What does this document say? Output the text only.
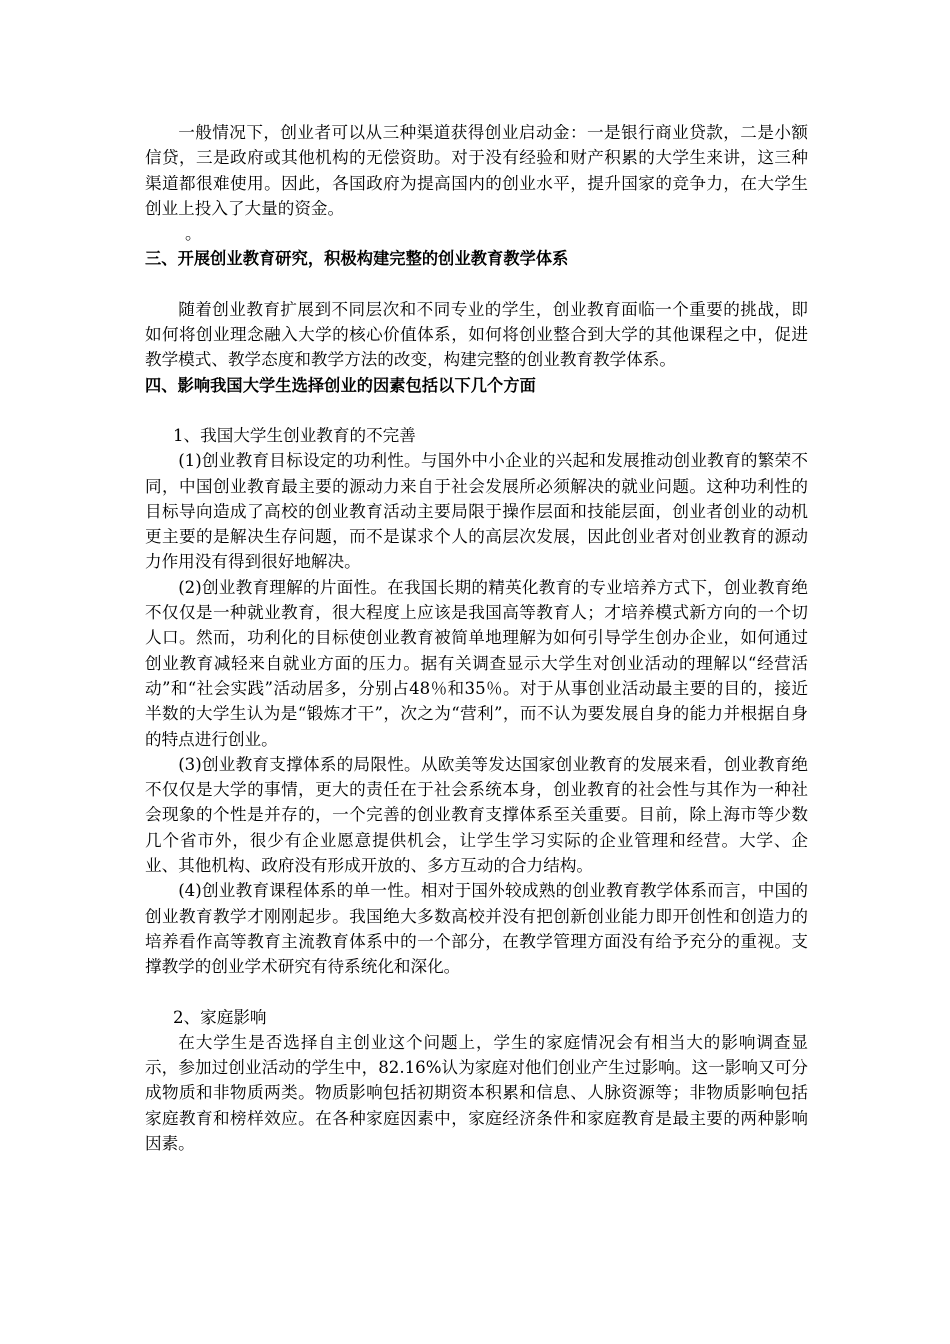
一般情况下，创业者可以从三种渠道获得创业启动金：一是银行商业贷款，二是小额信贷，三是政府或其他机构的无偿资助。对于没有经验和财产积累的大学生来讲，这三种渠道都很难使用。因此，各国政府为提高国内的创业水平，提升国家的竞争力，在大学生创业上投入了大量的资金。

。

三、开展创业教育研究，积极构建完整的创业教育教学体系

随着创业教育扩展到不同层次和不同专业的学生，创业教育面临一个重要的挑战，即如何将创业理念融入大学的核心价值体系，如何将创业整合到大学的其他课程之中，促进教学模式、教学态度和教学方法的改变，构建完整的创业教育教学体系。

四、影响我国大学生选择创业的因素包括以下几个方面

1、我国大学生创业教育的不完善

(1)创业教育目标设定的功利性。与国外中小企业的兴起和发展推动创业教育的繁荣不同，中国创业教育最主要的源动力来自于社会发展所必须解决的就业问题。这种功利性的目标导向造成了高校的创业教育活动主要局限于操作层面和技能层面，创业者创业的动机更主要的是解决生存问题，而不是谋求个人的高层次发展，因此创业者对创业教育的源动力作用没有得到很好地解决。

(2)创业教育理解的片面性。在我国长期的精英化教育的专业培养方式下，创业教育绝不仅仅是一种就业教育，很大程度上应该是我国高等教育人；才培养模式新方向的一个切人口。然而，功利化的目标使创业教育被简单地理解为如何引导学生创办企业，如何通过创业教育减轻来自就业方面的压力。据有关调查显示大学生对创业活动的理解以“经营活动”和“社会实践”活动居多，分别占48％和35％。对于从事创业活动最主要的目的，接近半数的大学生认为是“锻炼才干”，次之为“营利”，而不认为要发展自身的能力并根据自身的特点进行创业。

(3)创业教育支撑体系的局限性。从欧美等发达国家创业教育的发展来看，创业教育绝不仅仅是大学的事情，更大的责任在于社会系统本身，创业教育的社会性与其作为一种社会现象的个性是并存的，一个完善的创业教育支撑体系至关重要。目前，除上海市等少数几个省市外，很少有企业愿意提供机会，让学生学习实际的企业管理和经营。大学、企业、其他机构、政府没有形成开放的、多方互动的合力结构。

(4)创业教育课程体系的单一性。相对于国外较成熟的创业教育教学体系而言，中国的创业教育教学才刚刚起步。我国绝大多数高校并没有把创新创业能力即开创性和创造力的培养看作高等教育主流教育体系中的一个部分，在教学管理方面没有给予充分的重视。支撑教学的创业学术研究有待系统化和深化。

2、家庭影响

在大学生是否选择自主创业这个问题上，学生的家庭情况会有相当大的影响调查显示，参加过创业活动的学生中，82.16%认为家庭对他们创业产生过影响。这一影响又可分成物质和非物质两类。物质影响包括初期资本积累和信息、人脉资源等；非物质影响包括家庭教育和榜样效应。在各种家庭因素中，家庭经济条件和家庭教育是最主要的两种影响因素。
